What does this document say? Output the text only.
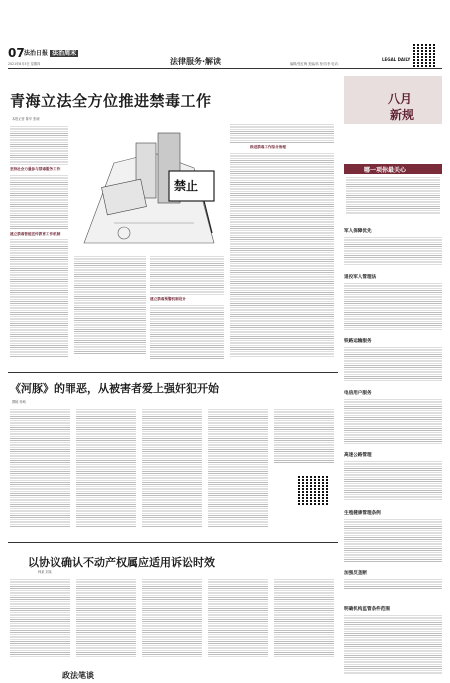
07 法治日报 法治周末
2021年8月5日 星期四	法律服务·解读	编辑/张红梅 美编/高 校对/李 电话：
LEGAL DAILY
青海立法全方位推进禁毒工作
本报记者 陈华 张晓
坚持社会力量参与禁毒服务工作
建立禁毒智能宣传教育工作机制
禁止
建立禁毒预警机制设计
推进禁毒工作综合治理
八月
新规
哪一项你最关心
军人保障优先
退役军人管理法
铁路运输服务
电信用户服务
高速公路管理
生殖健康管理条例
加强反垄断
明确机构监管条件范围
《河豚》的罪恶，从被害者爱上强奸犯开始
撰稿 杨萌
以协议确认不动产权属应适用诉讼时效
韩某 刘某
政法笔谈
